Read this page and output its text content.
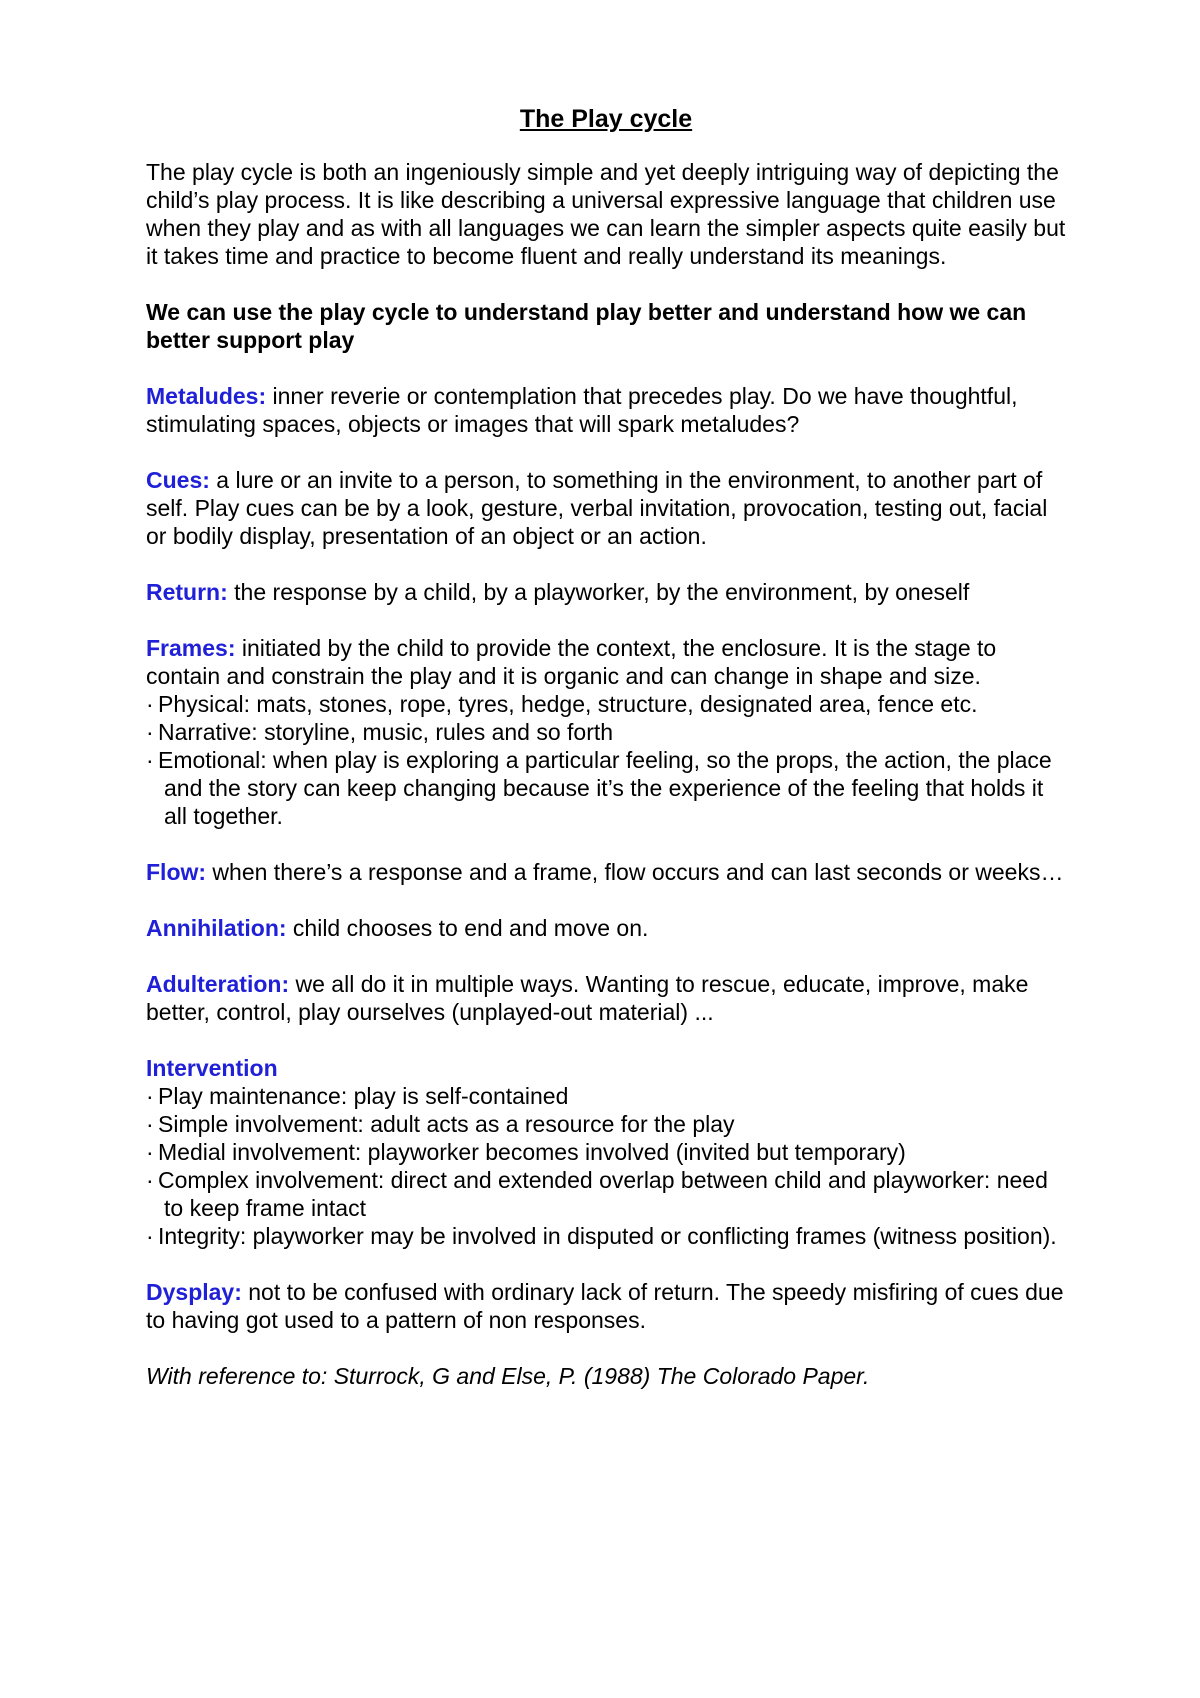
The Play cycle

The play cycle is both an ingeniously simple and yet deeply intriguing way of depicting the child’s play process. It is like describing a universal expressive language that children use when they play and as with all languages we can learn the simpler aspects quite easily but it takes time and practice to become fluent and really understand its meanings.

We can use the play cycle to understand play better and understand how we can better support play

Metaludes: inner reverie or contemplation that precedes play. Do we have thoughtful, stimulating spaces, objects or images that will spark metaludes?

Cues: a lure or an invite to a person, to something in the environment, to another part of self. Play cues can be by a look, gesture, verbal invitation, provocation, testing out, facial or bodily display, presentation of an object or an action.

Return: the response by a child, by a playworker, by the environment, by oneself

Frames: initiated by the child to provide the context, the enclosure. It is the stage to contain and constrain the play and it is organic and can change in shape and size.
· Physical: mats, stones, rope, tyres, hedge, structure, designated area, fence etc.
· Narrative: storyline, music, rules and so forth
· Emotional: when play is exploring a particular feeling, so the props, the action, the place and the story can keep changing because it’s the experience of the feeling that holds it all together.

Flow: when there’s a response and a frame, flow occurs and can last seconds or weeks…

Annihilation: child chooses to end and move on.

Adulteration: we all do it in multiple ways. Wanting to rescue, educate, improve, make better, control, play ourselves (unplayed-out material) ...

Intervention
· Play maintenance: play is self-contained
· Simple involvement: adult acts as a resource for the play
· Medial involvement: playworker becomes involved (invited but temporary)
· Complex involvement: direct and extended overlap between child and playworker: need to keep frame intact
· Integrity: playworker may be involved in disputed or conflicting frames (witness position).

Dysplay: not to be confused with ordinary lack of return. The speedy misfiring of cues due to having got used to a pattern of non responses.

With reference to: Sturrock, G and Else, P. (1988) The Colorado Paper.
